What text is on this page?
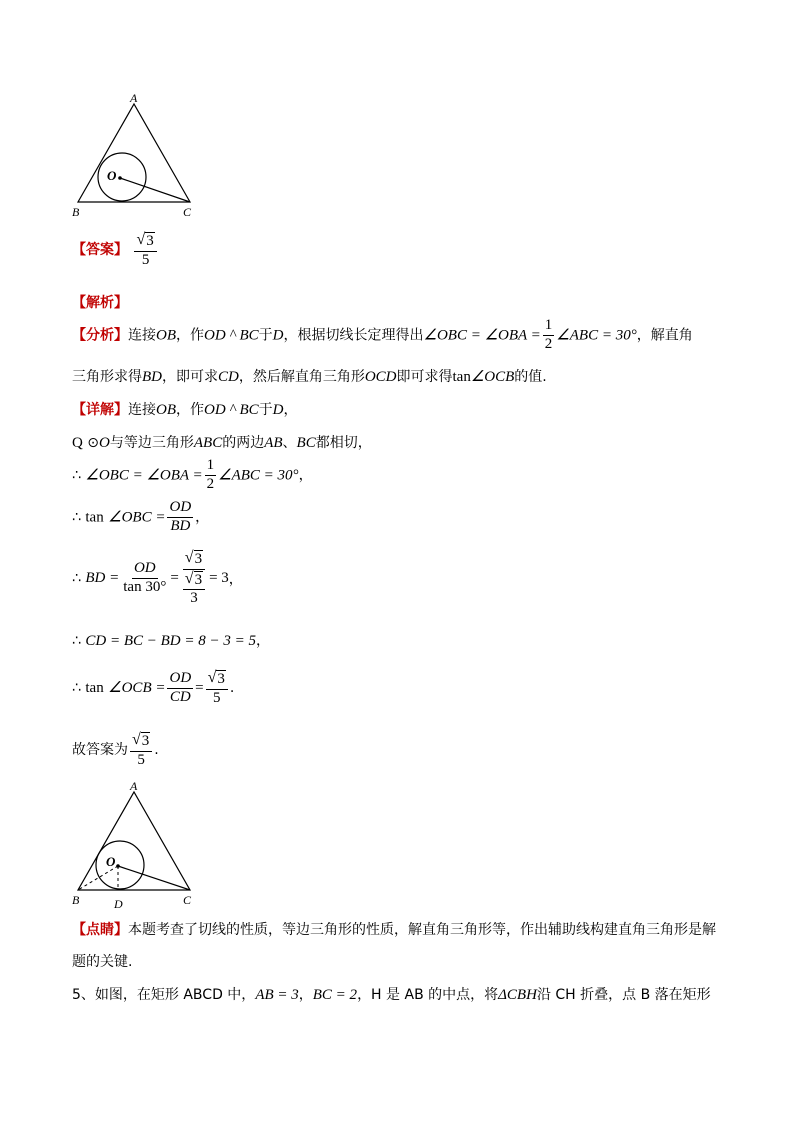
A
O
B	C
【答案】 $\frac{√ 3}{5}$
【解析】
【分析】连接OB，作OD ^ BC于D，根据切线长定理得出∠OBC = ∠OBA = $\frac{1}{2}$ ∠ABC = 30°，解直角
三角形求得BD，即可求CD，然后解直角三角形OCD即可求得tan∠OCB的值.
【详解】连接OB，作OD ^ BC于D，
Q ⊙O与等边三角形ABC的两边AB、BC都相切，
∴ ∠OBC = ∠OBA = $\frac{1}{2}$ ∠ABC = 30°，
∴ tan ∠OBC = $\frac{OD}{BD}$ ，
∴ BD = $\frac{OD}{\tan 30^\circ} = \frac{√ 3}{\frac{√ 3}{3}} = 3$，
∴ CD = BC − BD = 8 − 3 = 5，
∴ tan ∠OCB = $\frac{OD}{CD} = \frac{√ 3}{5}$ .
故答案为 $\frac{√ 3}{5}$ .
A
O
B	C
D
【点睛】本题考查了切线的性质，等边三角形的性质，解直角三角形等，作出辅助线构建直角三角形是解
题的关键.
5、如图，在矩形 ABCD 中，AB = 3，BC = 2，H 是 AB 的中点，将ΔCBH沿 CH 折叠，点 B 落在矩形
